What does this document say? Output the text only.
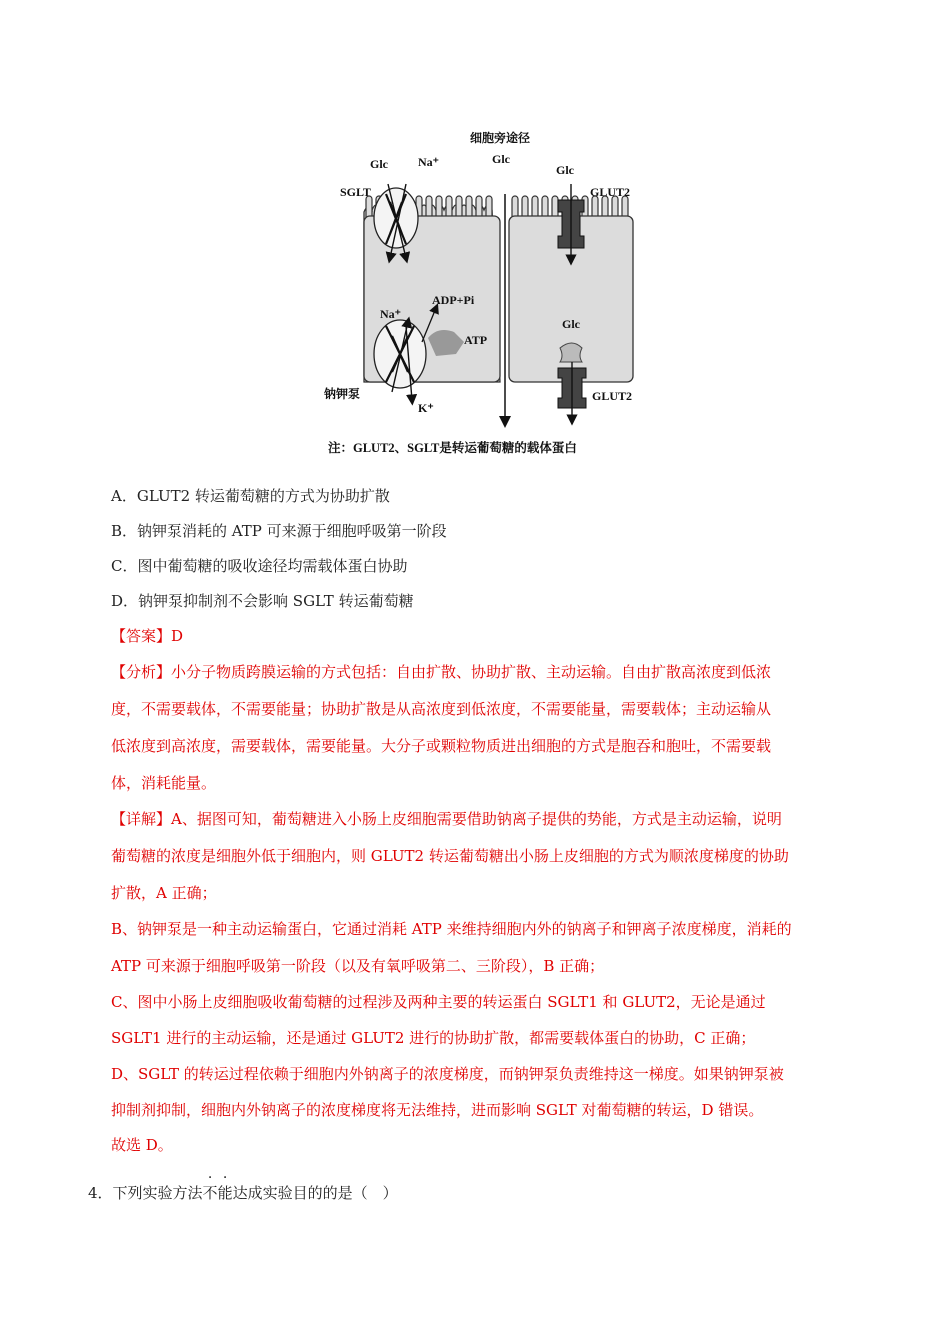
细胞旁途径
Glc
Glc	Na⁺
SGLT
Glc
GLUT2
ADP+Pi
Na⁺
ATP
钠钾泵
K⁺
Glc
GLUT2
注：GLUT2、SGLT是转运葡萄糖的载体蛋白
A．GLUT2 转运葡萄糖的方式为协助扩散
B．钠钾泵消耗的 ATP 可来源于细胞呼吸第一阶段
C．图中葡萄糖的吸收途径均需载体蛋白协助
D．钠钾泵抑制剂不会影响 SGLT 转运葡萄糖
【答案】D
【分析】小分子物质跨膜运输的方式包括：自由扩散、协助扩散、主动运输。自由扩散高浓度到低浓
度，不需要载体，不需要能量；协助扩散是从高浓度到低浓度，不需要能量，需要载体；主动运输从
低浓度到高浓度，需要载体，需要能量。大分子或颗粒物质进出细胞的方式是胞吞和胞吐，不需要载
体，消耗能量。
【详解】A、据图可知，葡萄糖进入小肠上皮细胞需要借助钠离子提供的势能，方式是主动运输，说明
葡萄糖的浓度是细胞外低于细胞内，则 GLUT2 转运葡萄糖出小肠上皮细胞的方式为顺浓度梯度的协助
扩散，A 正确；
B、钠钾泵是一种主动运输蛋白，它通过消耗 ATP 来维持细胞内外的钠离子和钾离子浓度梯度，消耗的
ATP 可来源于细胞呼吸第一阶段（以及有氧呼吸第二、三阶段），B 正确；
C、图中小肠上皮细胞吸收葡萄糖的过程涉及两种主要的转运蛋白 SGLT1 和 GLUT2，无论是通过
SGLT1 进行的主动运输，还是通过 GLUT2 进行的协助扩散，都需要载体蛋白的协助，C 正确；
D、SGLT 的转运过程依赖于细胞内外钠离子的浓度梯度，而钠钾泵负责维持这一梯度。如果钠钾泵被
抑制剂抑制，细胞内外钠离子的浓度梯度将无法维持，进而影响 SGLT 对葡萄糖的转运，D 错误。
故选 D。
4．下列实验方法不能达成实验目的的是（　）
